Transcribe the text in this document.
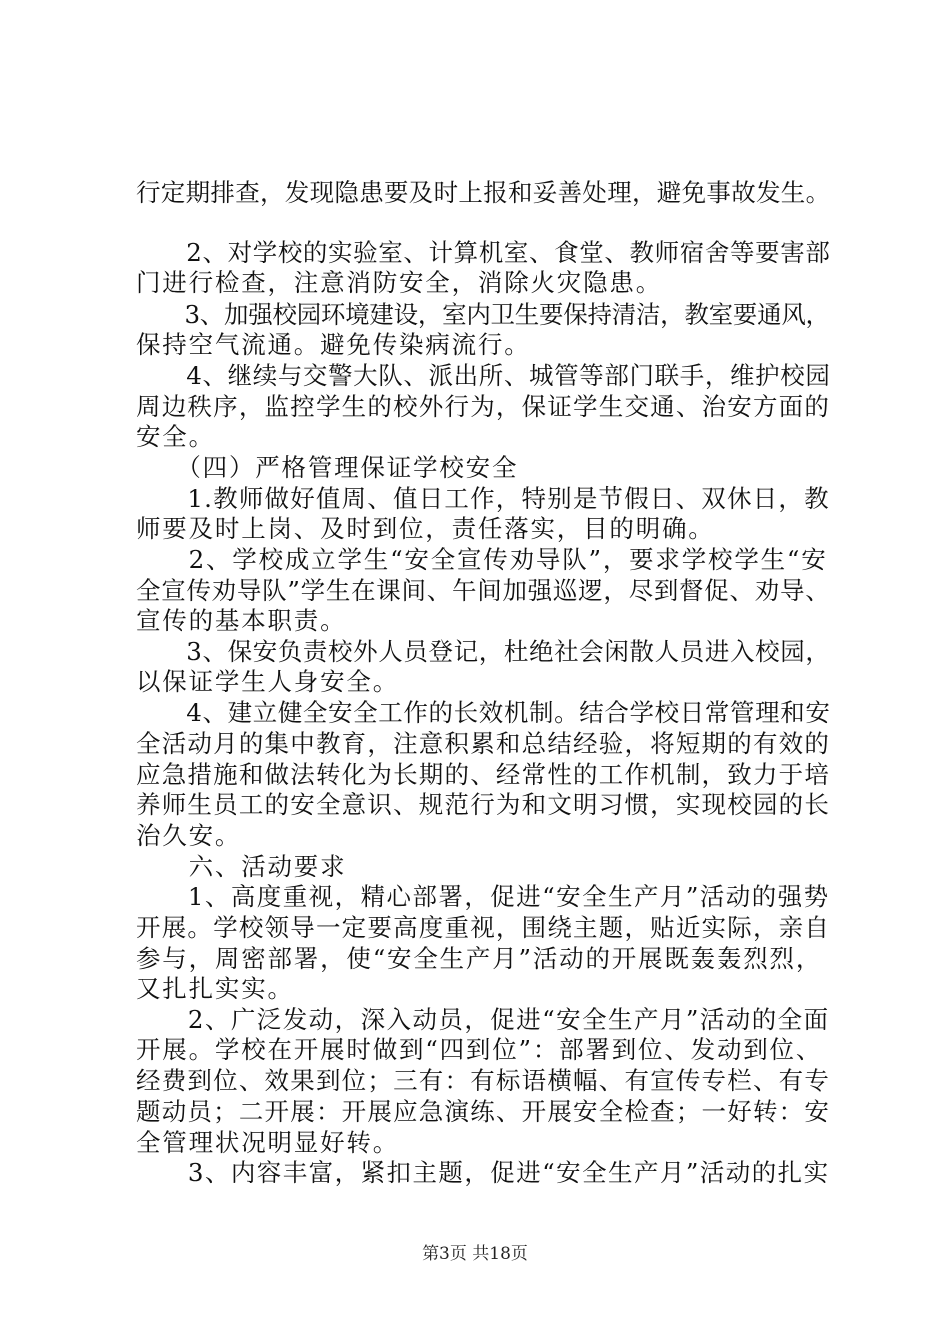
行定期排查，发现隐患要及时上报和妥善处理，避免事故发生。
　　2、对学校的实验室、计算机室、食堂、教师宿舍等要害部
门进行检查，注意消防安全，消除火灾隐患。
　　3、加强校园环境建设，室内卫生要保持清洁，教室要通风，
保持空气流通。避免传染病流行。
　　4、继续与交警大队、派出所、城管等部门联手，维护校园
周边秩序，监控学生的校外行为，保证学生交通、治安方面的
安全。
　　（四）严格管理保证学校安全
　　1.教师做好值周、值日工作，特别是节假日、双休日，教
师要及时上岗、及时到位，责任落实，目的明确。
　　2、学校成立学生“安全宣传劝导队”，要求学校学生“安
全宣传劝导队”学生在课间、午间加强巡逻，尽到督促、劝导、
宣传的基本职责。
　　3、保安负责校外人员登记，杜绝社会闲散人员进入校园，
以保证学生人身安全。
　　4、建立健全安全工作的长效机制。结合学校日常管理和安
全活动月的集中教育，注意积累和总结经验，将短期的有效的
应急措施和做法转化为长期的、经常性的工作机制，致力于培
养师生员工的安全意识、规范行为和文明习惯，实现校园的长
治久安。
　　六、活动要求
　　1、高度重视，精心部署，促进“安全生产月”活动的强势
开展。学校领导一定要高度重视，围绕主题，贴近实际，亲自
参与，周密部署，使“安全生产月”活动的开展既轰轰烈烈，
又扎扎实实。
　　2、广泛发动，深入动员，促进“安全生产月”活动的全面
开展。学校在开展时做到“四到位”：部署到位、发动到位、
经费到位、效果到位；三有：有标语横幅、有宣传专栏、有专
题动员；二开展：开展应急演练、开展安全检查；一好转：安
全管理状况明显好转。
　　3、内容丰富，紧扣主题，促进“安全生产月”活动的扎实
第3页 共18页
